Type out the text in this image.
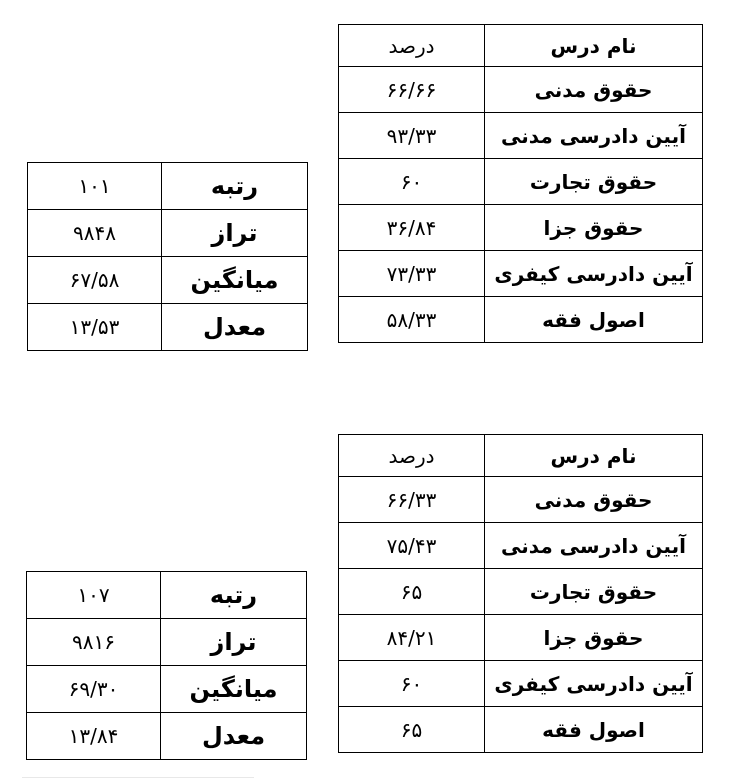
نام درس	درصد
حقوق مدنی	۶۶/۶۶
آیین دادرسی مدنی	۹۳/۳۳
حقوق تجارت	۶۰
حقوق جزا	۳۶/۸۴
آیین دادرسی کیفری	۷۳/۳۳
اصول فقه	۵۸/۳۳
رتبه	۱۰۱
تراز	۹۸۴۸
میانگین	۶۷/۵۸
معدل	۱۳/۵۳
نام درس	درصد
حقوق مدنی	۶۶/۳۳
آیین دادرسی مدنی	۷۵/۴۳
حقوق تجارت	۶۵
حقوق جزا	۸۴/۲۱
آیین دادرسی کیفری	۶۰
اصول فقه	۶۵
رتبه	۱۰۷
تراز	۹۸۱۶
میانگین	۶۹/۳۰
معدل	۱۳/۸۴
